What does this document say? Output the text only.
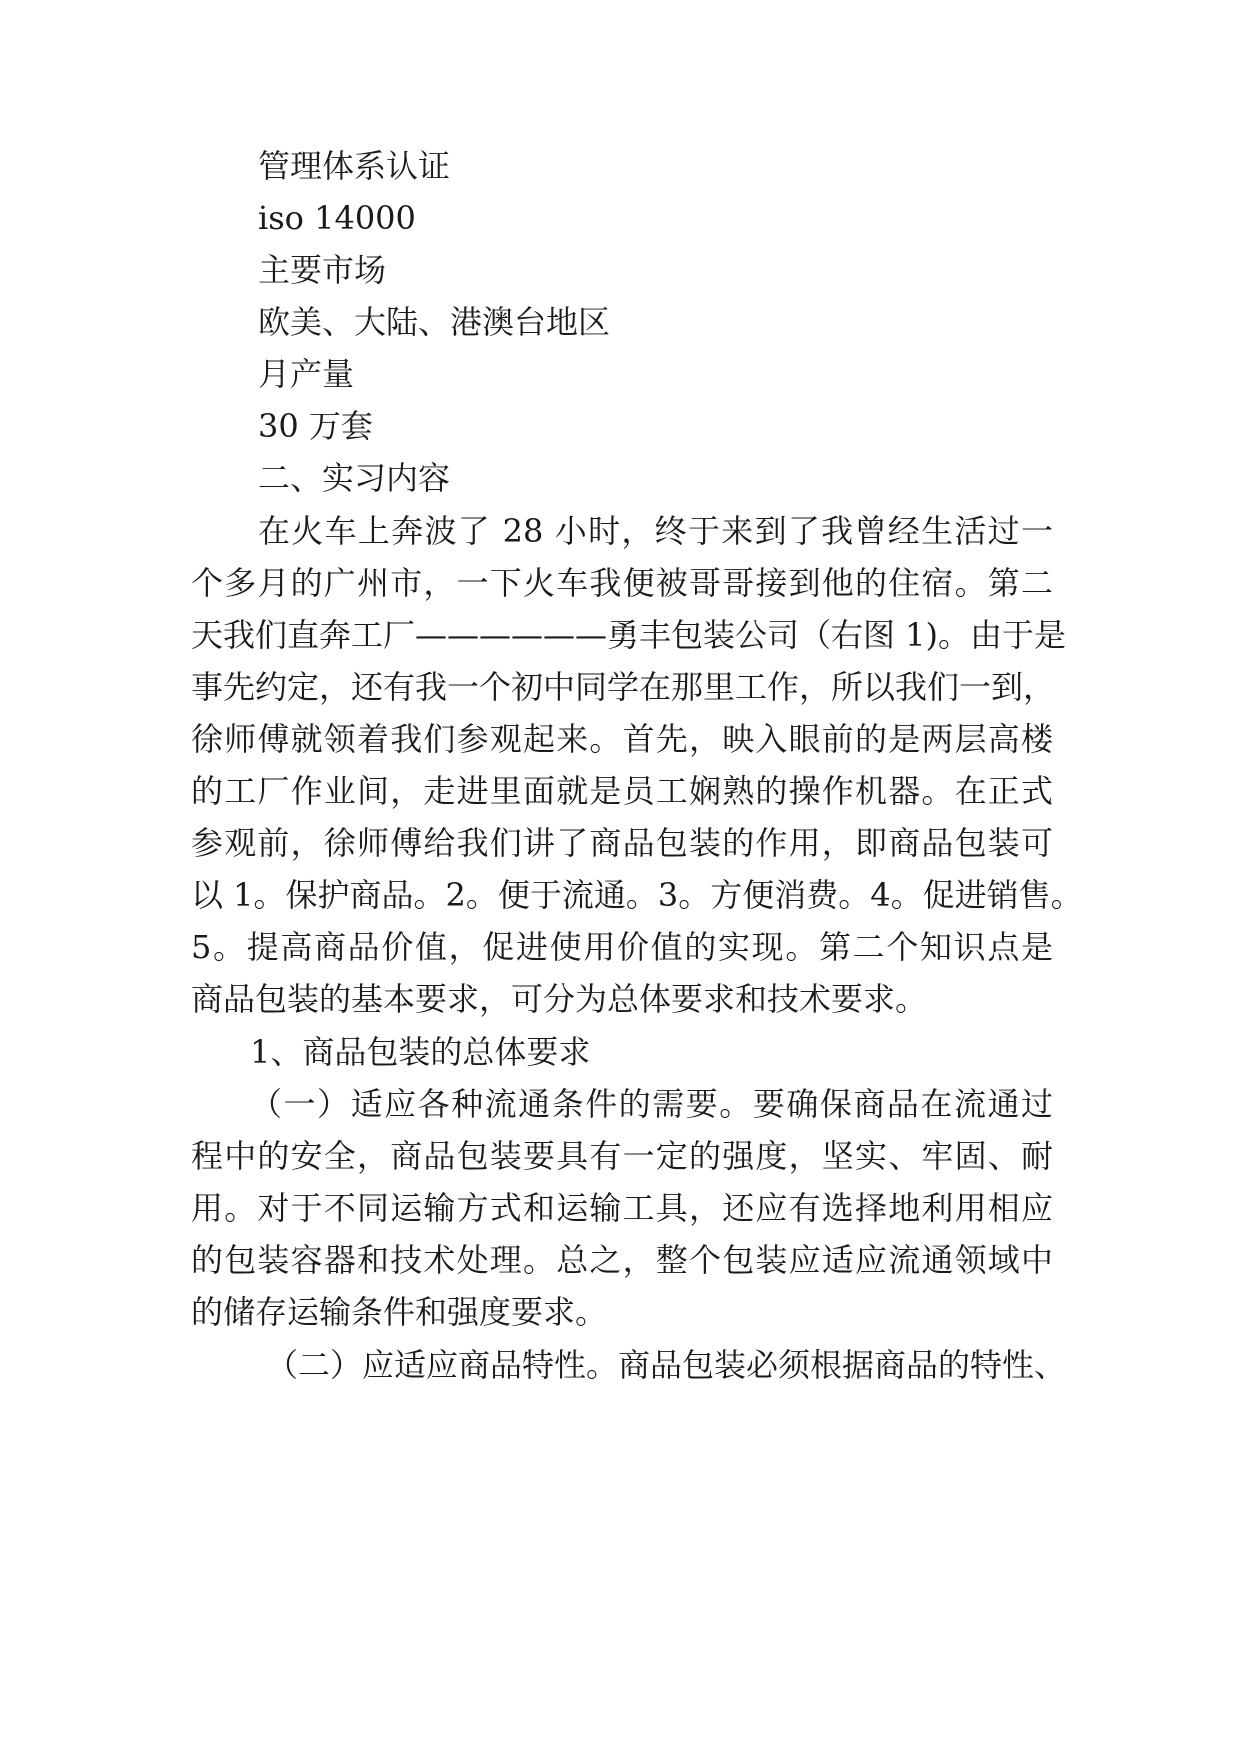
管理体系认证
iso 14000
主要市场
欧美、大陆、港澳台地区
月产量
30 万套
二、实习内容
在火车上奔波了 28 小时，终于来到了我曾经生活过一
个多月的广州市，一下火车我便被哥哥接到他的住宿。第二
天我们直奔工厂——————勇丰包装公司（右图 1)。由于是
事先约定，还有我一个初中同学在那里工作，所以我们一到，
徐师傅就领着我们参观起来。首先，映入眼前的是两层高楼
的工厂作业间，走进里面就是员工娴熟的操作机器。在正式
参观前，徐师傅给我们讲了商品包装的作用，即商品包装可
以 1。保护商品。2。便于流通。3。方便消费。4。促进销售。
5。提高商品价值，促进使用价值的实现。第二个知识点是
商品包装的基本要求，可分为总体要求和技术要求。
1、商品包装的总体要求
（一）适应各种流通条件的需要。要确保商品在流通过
程中的安全，商品包装要具有一定的强度，坚实、牢固、耐
用。对于不同运输方式和运输工具，还应有选择地利用相应
的包装容器和技术处理。总之，整个包装应适应流通领域中
的储存运输条件和强度要求。
（二）应适应商品特性。商品包装必须根据商品的特性、
